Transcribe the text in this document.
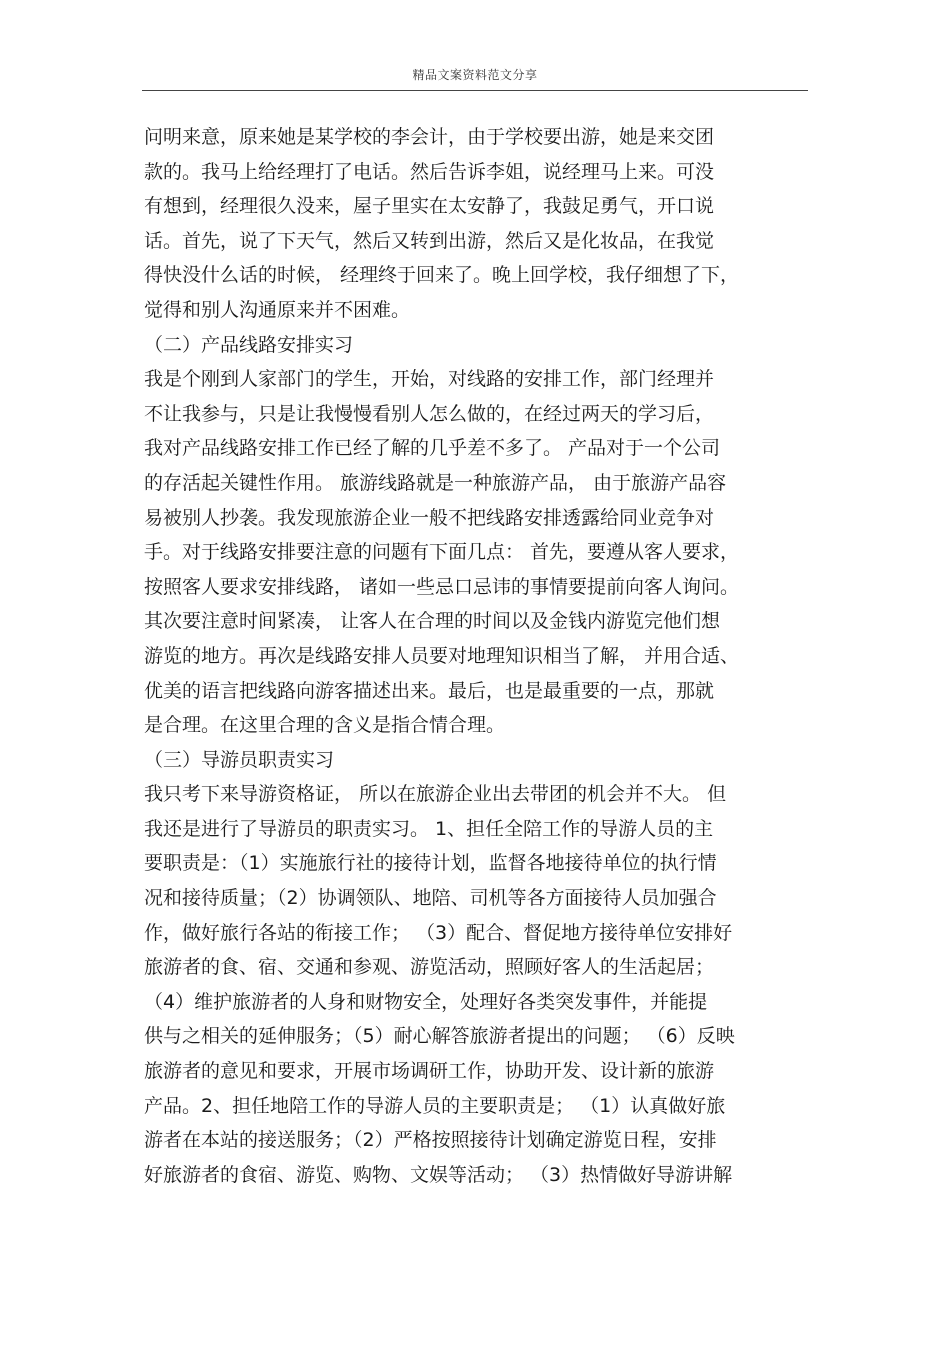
精品文案资料范文分享
问明来意，原来她是某学校的李会计，由于学校要出游，她是来交团
款的。我马上给经理打了电话。然后告诉李姐，说经理马上来。可没
有想到，经理很久没来，屋子里实在太安静了，我鼓足勇气，开口说
话。首先，说了下天气，然后又转到出游，然后又是化妆品，在我觉
得快没什么话的时候， 经理终于回来了。晚上回学校，我仔细想了下，
觉得和别人沟通原来并不困难。
（二）产品线路安排实习
我是个刚到人家部门的学生，开始，对线路的安排工作，部门经理并
不让我参与，只是让我慢慢看别人怎么做的，在经过两天的学习后，
我对产品线路安排工作已经了解的几乎差不多了。 产品对于一个公司
的存活起关键性作用。 旅游线路就是一种旅游产品， 由于旅游产品容
易被别人抄袭。我发现旅游企业一般不把线路安排透露给同业竞争对
手。对于线路安排要注意的问题有下面几点： 首先，要遵从客人要求，
按照客人要求安排线路， 诸如一些忌口忌讳的事情要提前向客人询问。
其次要注意时间紧凑， 让客人在合理的时间以及金钱内游览完他们想
游览的地方。再次是线路安排人员要对地理知识相当了解， 并用合适、
优美的语言把线路向游客描述出来。最后，也是最重要的一点，那就
是合理。在这里合理的含义是指合情合理。
（三）导游员职责实习
我只考下来导游资格证， 所以在旅游企业出去带团的机会并不大。 但
我还是进行了导游员的职责实习。 1、担任全陪工作的导游人员的主
要职责是：（1）实施旅行社的接待计划，监督各地接待单位的执行情
况和接待质量；（2）协调领队、地陪、司机等各方面接待人员加强合
作，做好旅行各站的衔接工作； （3）配合、督促地方接待单位安排好
旅游者的食、宿、交通和参观、游览活动，照顾好客人的生活起居；
（4）维护旅游者的人身和财物安全，处理好各类突发事件，并能提
供与之相关的延伸服务；（5）耐心解答旅游者提出的问题； （6）反映
旅游者的意见和要求，开展市场调研工作，协助开发、设计新的旅游
产品。2、担任地陪工作的导游人员的主要职责是； （1）认真做好旅
游者在本站的接送服务；（2）严格按照接待计划确定游览日程，安排
好旅游者的食宿、游览、购物、文娱等活动； （3）热情做好导游讲解
